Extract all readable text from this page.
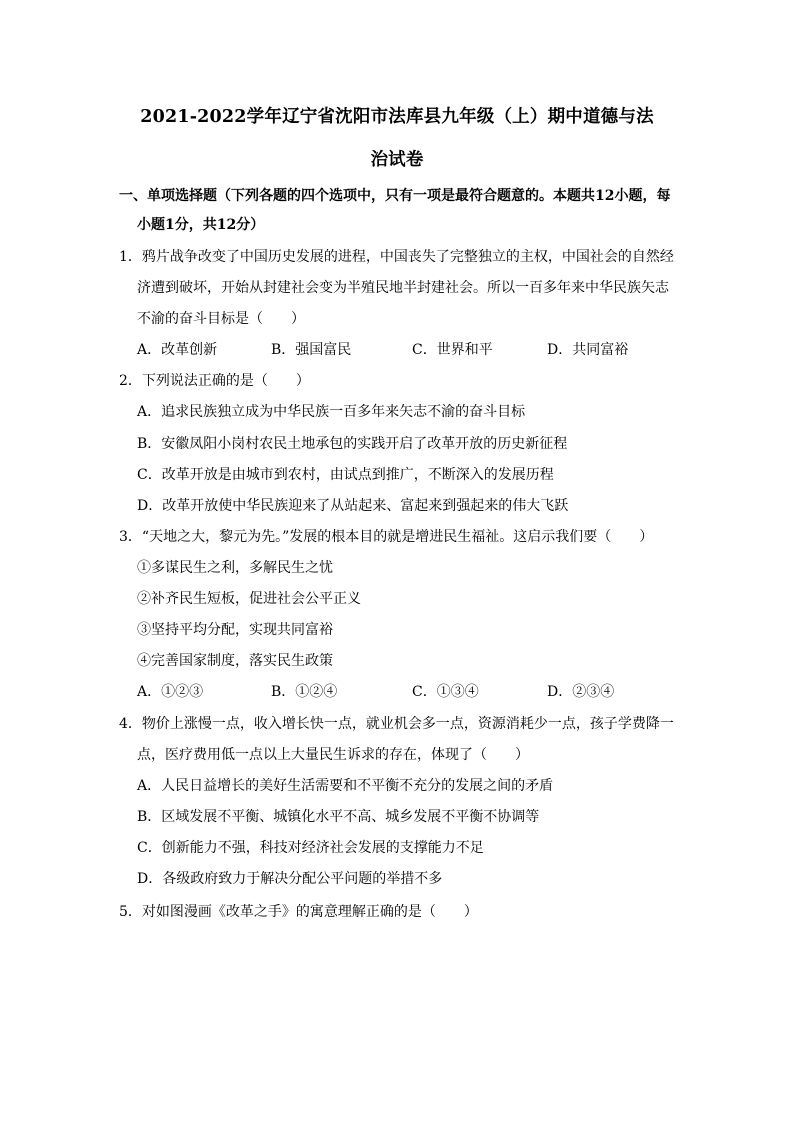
2021-2022学年辽宁省沈阳市法库县九年级（上）期中道德与法
治试卷
一、单项选择题（下列各题的四个选项中，只有一项是最符合题意的。本题共12小题，每
小题1分，共12分）
1．鸦片战争改变了中国历史发展的进程，中国丧失了完整独立的主权，中国社会的自然经
济遭到破坏，开始从封建社会变为半殖民地半封建社会。所以一百多年来中华民族矢志
不渝的奋斗目标是（　　）
A．改革创新	B．强国富民	C．世界和平	D．共同富裕
2．下列说法正确的是（　　）
A．追求民族独立成为中华民族一百多年来矢志不渝的奋斗目标
B．安徽凤阳小岗村农民土地承包的实践开启了改革开放的历史新征程
C．改革开放是由城市到农村，由试点到推广，不断深入的发展历程
D．改革开放使中华民族迎来了从站起来、富起来到强起来的伟大飞跃
3．“天地之大，黎元为先。”发展的根本目的就是增进民生福祉。这启示我们要（　　）
①多谋民生之利，多解民生之忧
②补齐民生短板，促进社会公平正义
③坚持平均分配，实现共同富裕
④完善国家制度，落实民生政策
A．①②③	B．①②④	C．①③④	D．②③④
4．物价上涨慢一点，收入增长快一点，就业机会多一点，资源消耗少一点，孩子学费降一
点，医疗费用低一点以上大量民生诉求的存在，体现了（　　）
A．人民日益增长的美好生活需要和不平衡不充分的发展之间的矛盾
B．区域发展不平衡、城镇化水平不高、城乡发展不平衡不协调等
C．创新能力不强，科技对经济社会发展的支撑能力不足
D．各级政府致力于解决分配公平问题的举措不多
5．对如图漫画《改革之手》的寓意理解正确的是（　　）
